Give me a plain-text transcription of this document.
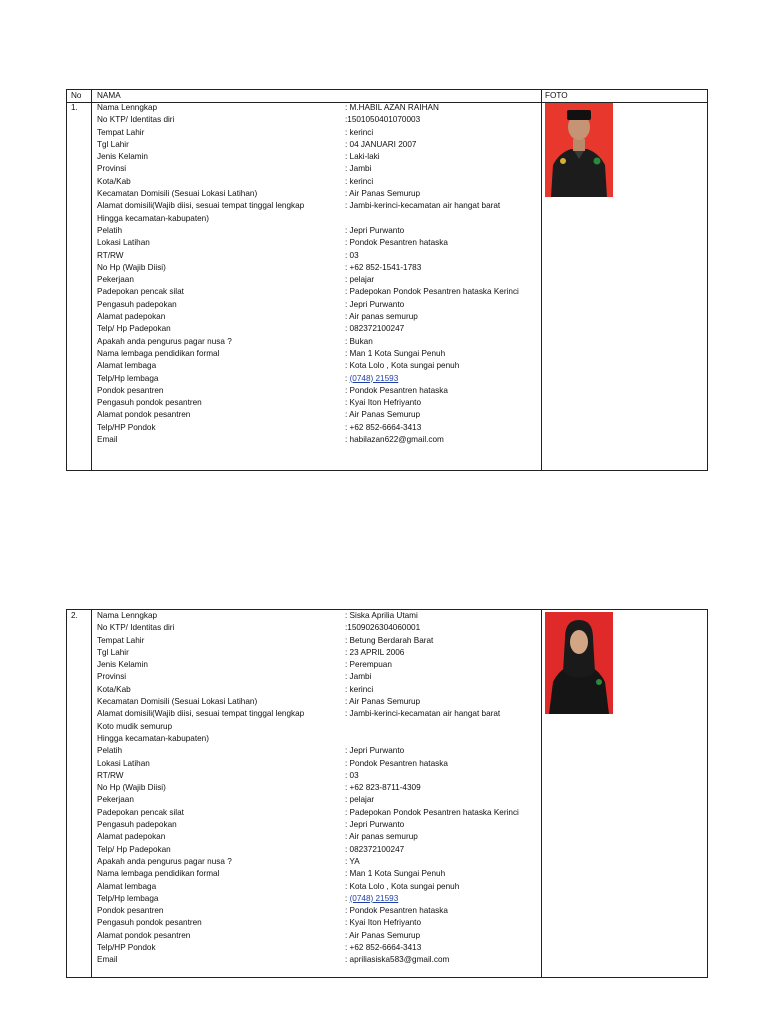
No NAMA	FOTO
1. Nama Lenngkap	: M.HABIL AZAN RAIHAN
No KTP/ Identitas diri	:1501050401070003
Tempat Lahir	: kerinci
Tgl Lahir	: 04 JANUARI 2007
Jenis Kelamin	: Laki-laki
Provinsi	: Jambi
Kota/Kab	: kerinci
Kecamatan Domisili (Sesuai Lokasi Latihan)	: Air Panas Semurup
Alamat domisili(Wajib diisi, sesuai tempat tinggal lengkap	: Jambi-kerinci-kecamatan air hangat barat
Hingga kecamatan-kabupaten)
Pelatih	: Jepri Purwanto
Lokasi Latihan	: Pondok Pesantren hataska
RT/RW	: 03
No Hp (Wajib Diisi)	: +62 852-1541-1783
Pekerjaan	: pelajar
Padepokan pencak silat	: Padepokan Pondok Pesantren hataska Kerinci
Pengasuh padepokan	: Jepri Purwanto
Alamat padepokan	: Air panas semurup
Telp/ Hp Padepokan	: 082372100247
Apakah anda pengurus pagar nusa ?	: Bukan
Nama lembaga pendidikan formal	: Man 1 Kota Sungai Penuh
Alamat lembaga	: Kota Lolo , Kota sungai penuh
Telp/Hp lembaga	: (0748) 21593
Pondok pesantren	: Pondok Pesantren hataska
Pengasuh pondok pesantren	: Kyai Iton Hefriyanto
Alamat pondok pesantren	: Air Panas Semurup
Telp/HP Pondok	: +62 852-6664-3413
Email	: habilazan622@gmail.com
2. Nama Lenngkap	: Siska Aprilia Utami
No KTP/ Identitas diri	:1509026304060001
Tempat Lahir	: Betung Berdarah Barat
Tgl Lahir	: 23 APRIL 2006
Jenis Kelamin	: Perempuan
Provinsi	: Jambi
Kota/Kab	: kerinci
Kecamatan Domisili (Sesuai Lokasi Latihan)	: Air Panas Semurup
Alamat domisili(Wajib diisi, sesuai tempat tinggal lengkap	: Jambi-kerinci-kecamatan air hangat barat
Koto mudik semurup
Hingga kecamatan-kabupaten)
Pelatih	: Jepri Purwanto
Lokasi Latihan	: Pondok Pesantren hataska
RT/RW	: 03
No Hp (Wajib Diisi)	: +62 823-8711-4309
Pekerjaan	: pelajar
Padepokan pencak silat	: Padepokan Pondok Pesantren hataska Kerinci
Pengasuh padepokan	: Jepri Purwanto
Alamat padepokan	: Air panas semurup
Telp/ Hp Padepokan	: 082372100247
Apakah anda pengurus pagar nusa ?	: YA
Nama lembaga pendidikan formal	: Man 1 Kota Sungai Penuh
Alamat lembaga	: Kota Lolo , Kota sungai penuh
Telp/Hp lembaga	: (0748) 21593
Pondok pesantren	: Pondok Pesantren hataska
Pengasuh pondok pesantren	: Kyai Iton Hefriyanto
Alamat pondok pesantren	: Air Panas Semurup
Telp/HP Pondok	: +62 852-6664-3413
Email	: apriliasiska583@gmail.com
